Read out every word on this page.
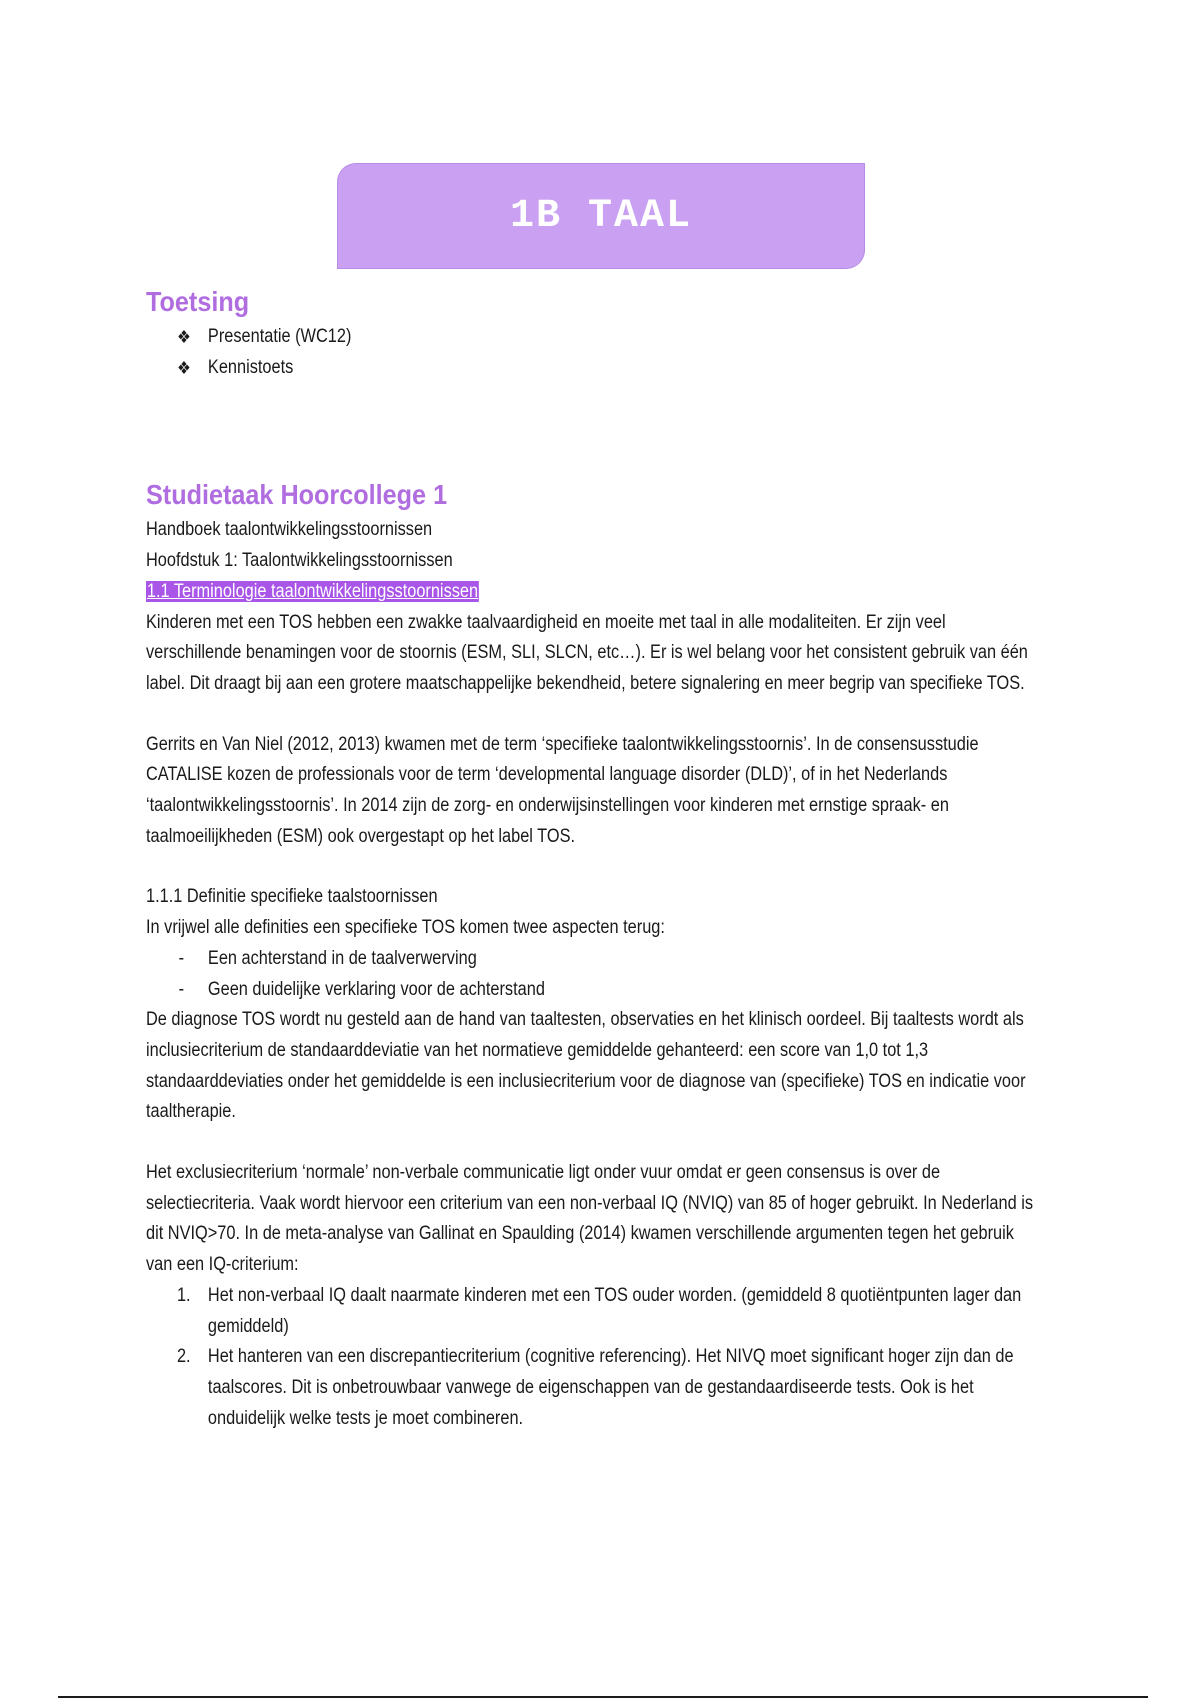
1B TAAL
Toetsing
❖ Presentatie (WC12)
❖ Kennistoets
Studietaak Hoorcollege 1

Handboek taalontwikkelingsstoornissen

Hoofdstuk 1: Taalontwikkelingsstoornissen

1.1 Terminologie taalontwikkelingsstoornissen

Kinderen met een TOS hebben een zwakke taalvaardigheid en moeite met taal in alle modaliteiten. Er zijn veel verschillende benamingen voor de stoornis (ESM, SLI, SLCN, etc…). Er is wel belang voor het consistent gebruik van één label. Dit draagt bij aan een grotere maatschappelijke bekendheid, betere signalering en meer begrip van specifieke TOS.

Gerrits en Van Niel (2012, 2013) kwamen met de term ‘specifieke taalontwikkelingsstoornis’. In de consensusstudie CATALISE kozen de professionals voor de term ‘developmental language disorder (DLD)’, of in het Nederlands ‘taalontwikkelingsstoornis’. In 2014 zijn de zorg- en onderwijsinstellingen voor kinderen met ernstige spraak- en taalmoeilijkheden (ESM) ook overgestapt op het label TOS.

1.1.1 Definitie specifieke taalstoornissen

In vrijwel alle definities een specifieke TOS komen twee aspecten terug:

- Een achterstand in de taalverwerving
- Geen duidelijke verklaring voor de achterstand

De diagnose TOS wordt nu gesteld aan de hand van taaltesten, observaties en het klinisch oordeel. Bij taaltests wordt als inclusiecriterium de standaarddeviatie van het normatieve gemiddelde gehanteerd: een score van 1,0 tot 1,3 standaarddeviaties onder het gemiddelde is een inclusiecriterium voor de diagnose van (specifieke) TOS en indicatie voor taaltherapie.

Het exclusiecriterium ‘normale’ non-verbale communicatie ligt onder vuur omdat er geen consensus is over de selectiecriteria. Vaak wordt hiervoor een criterium van een non-verbaal IQ (NVIQ) van 85 of hoger gebruikt. In Nederland is dit NVIQ>70. In de meta-analyse van Gallinat en Spaulding (2014) kwamen verschillende argumenten tegen het gebruik van een IQ-criterium:

1. Het non-verbaal IQ daalt naarmate kinderen met een TOS ouder worden. (gemiddeld 8 quotiëntpunten lager dan gemiddeld)
2. Het hanteren van een discrepantiecriterium (cognitive referencing). Het NIVQ moet significant hoger zijn dan de taalscores. Dit is onbetrouwbaar vanwege de eigenschappen van de gestandaardiseerde tests. Ook is het onduidelijk welke tests je moet combineren.
